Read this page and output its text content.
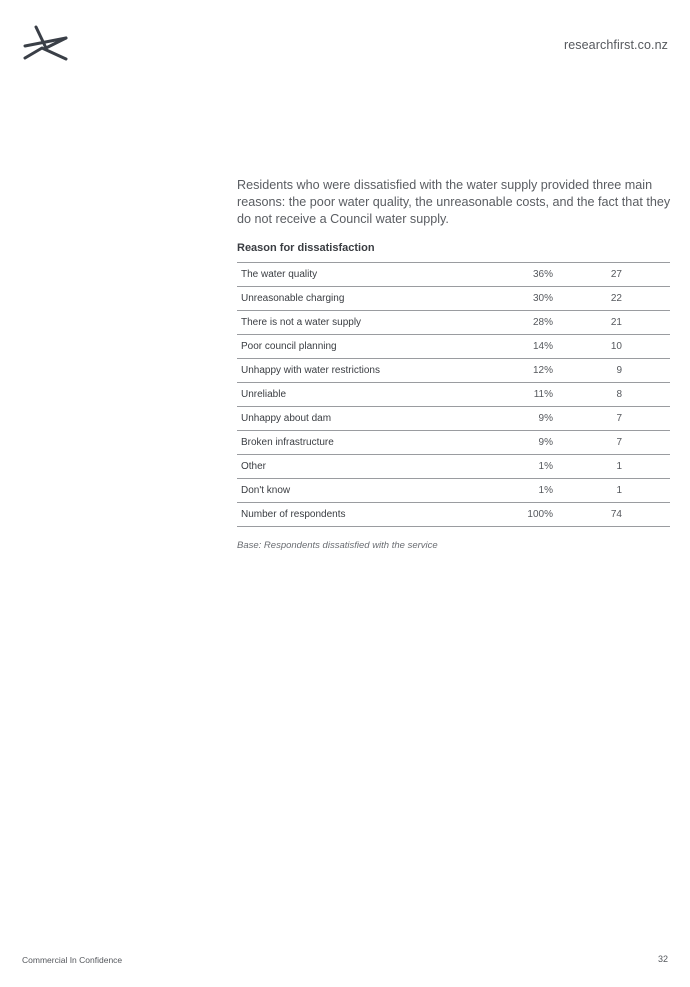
researchfirst.co.nz

Residents who were dissatisfied with the water supply provided three main reasons: the poor water quality, the unreasonable costs, and the fact that they do not receive a Council water supply.

Reason for dissatisfaction
The water quality	36%	27
Unreasonable charging	30%	22
There is not a water supply	28%	21
Poor council planning	14%	10
Unhappy with water restrictions	12%	9
Unreliable	11%	8
Unhappy about dam	9%	7
Broken infrastructure	9%	7
Other	1%	1
Don't know	1%	1
Number of respondents	100%	74
Base: Respondents dissatisfied with the service
Commercial In Confidence	32
